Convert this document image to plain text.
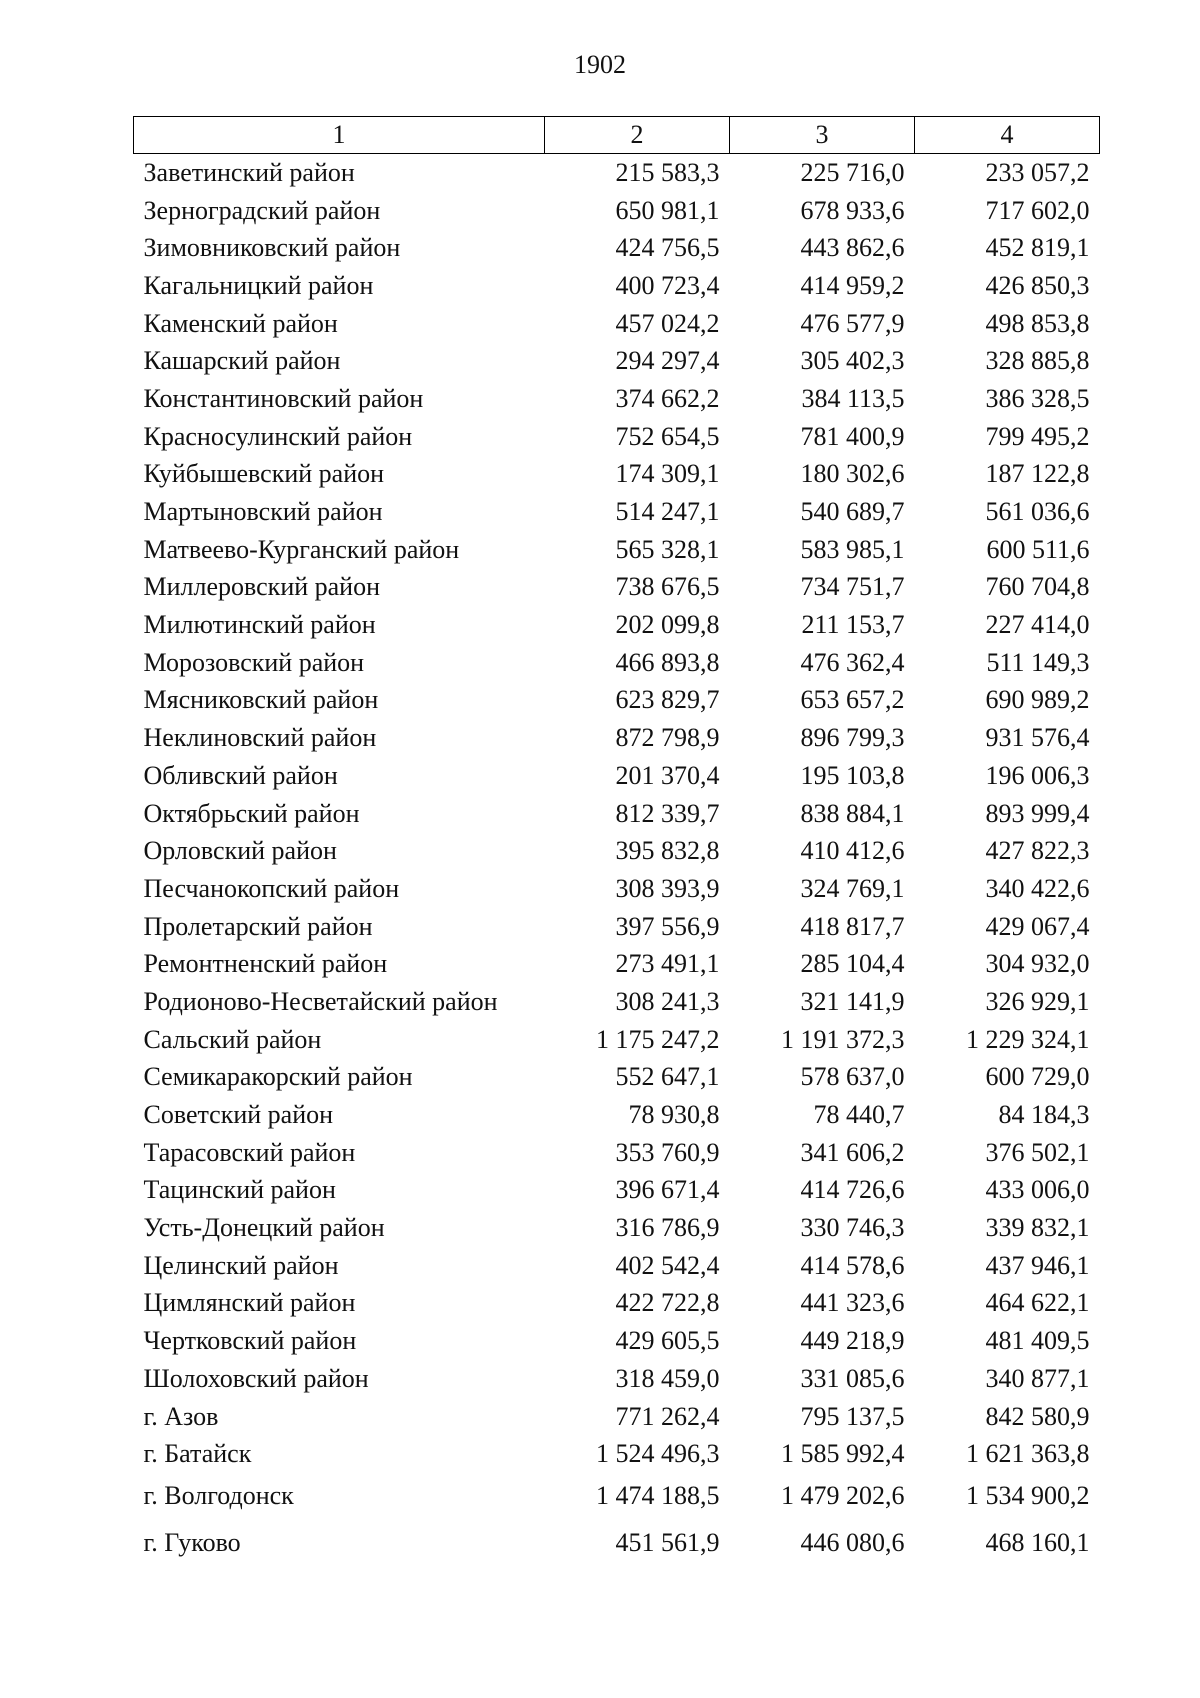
1902
1	2	3	4
Заветинский район	215 583,3	225 716,0	233 057,2
Зерноградский район	650 981,1	678 933,6	717 602,0
Зимовниковский район	424 756,5	443 862,6	452 819,1
Кагальницкий район	400 723,4	414 959,2	426 850,3
Каменский район	457 024,2	476 577,9	498 853,8
Кашарский район	294 297,4	305 402,3	328 885,8
Константиновский район	374 662,2	384 113,5	386 328,5
Красносулинский район	752 654,5	781 400,9	799 495,2
Куйбышевский район	174 309,1	180 302,6	187 122,8
Мартыновский район	514 247,1	540 689,7	561 036,6
Матвеево-Курганский район	565 328,1	583 985,1	600 511,6
Миллеровский район	738 676,5	734 751,7	760 704,8
Милютинский район	202 099,8	211 153,7	227 414,0
Морозовский район	466 893,8	476 362,4	511 149,3
Мясниковский район	623 829,7	653 657,2	690 989,2
Неклиновский район	872 798,9	896 799,3	931 576,4
Обливский район	201 370,4	195 103,8	196 006,3
Октябрьский район	812 339,7	838 884,1	893 999,4
Орловский район	395 832,8	410 412,6	427 822,3
Песчанокопский район	308 393,9	324 769,1	340 422,6
Пролетарский район	397 556,9	418 817,7	429 067,4
Ремонтненский район	273 491,1	285 104,4	304 932,0
Родионово-Несветайский район	308 241,3	321 141,9	326 929,1
Сальский район	1 175 247,2	1 191 372,3	1 229 324,1
Семикаракорский район	552 647,1	578 637,0	600 729,0
Советский район	78 930,8	78 440,7	84 184,3
Тарасовский район	353 760,9	341 606,2	376 502,1
Тацинский район	396 671,4	414 726,6	433 006,0
Усть-Донецкий район	316 786,9	330 746,3	339 832,1
Целинский район	402 542,4	414 578,6	437 946,1
Цимлянский район	422 722,8	441 323,6	464 622,1
Чертковский район	429 605,5	449 218,9	481 409,5
Шолоховский район	318 459,0	331 085,6	340 877,1
г. Азов	771 262,4	795 137,5	842 580,9
г. Батайск	1 524 496,3	1 585 992,4	1 621 363,8
г. Волгодонск	1 474 188,5	1 479 202,6	1 534 900,2
г. Гуково	451 561,9	446 080,6	468 160,1
